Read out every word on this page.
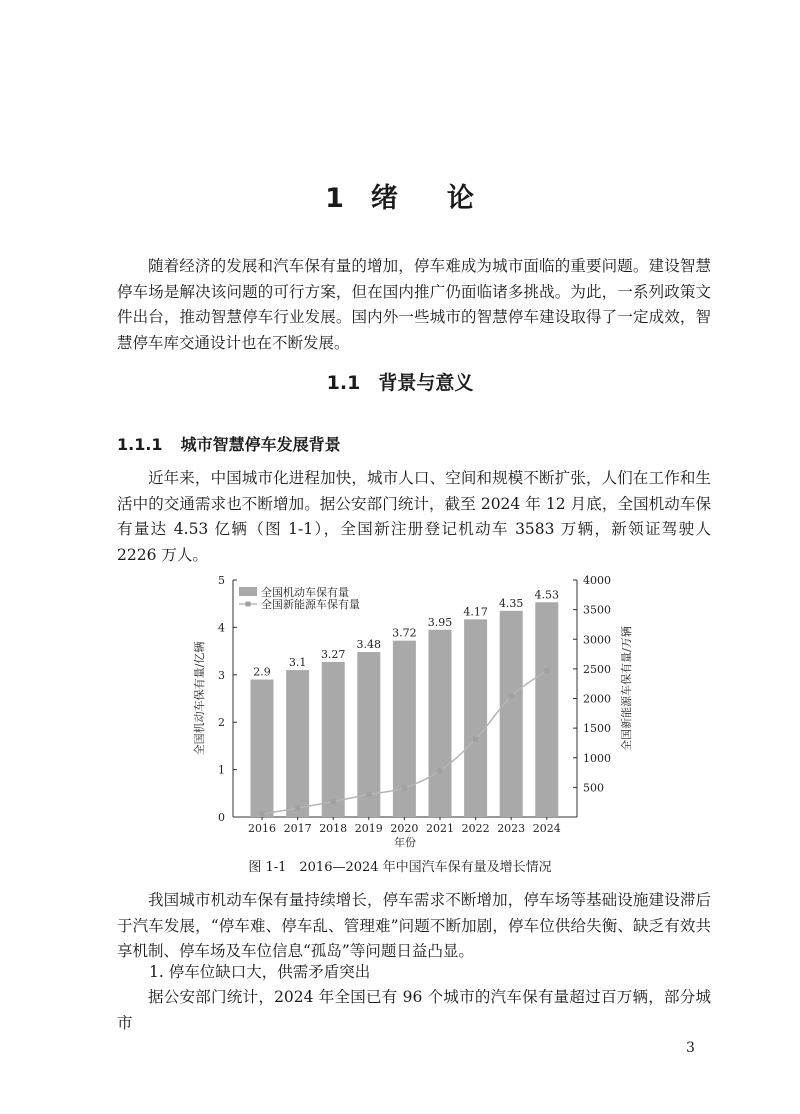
1 绪 论

随着经济的发展和汽车保有量的增加，停车难成为城市面临的重要问题。建设智慧停车场是解决该问题的可行方案，但在国内推广仍面临诸多挑战。为此，一系列政策文件出台，推动智慧停车行业发展。国内外一些城市的智慧停车建设取得了一定成效，智慧停车库交通设计也在不断发展。

1.1 背景与意义
1.1.1 城市智慧停车发展背景

近年来，中国城市化进程加快，城市人口、空间和规模不断扩张，人们在工作和生活中的交通需求也不断增加。据公安部门统计，截至 2024 年 12 月底，全国机动车保有量达 4.53 亿辆（图 1-1），全国新注册登记机动车 3583 万辆，新领证驾驶人 2226 万人。

0
1
2
3
4
5
500
1000
1500
2000
2500
3000
3500
4000
2.9
3.1
3.27
3.48
3.72
3.95
4.17
4.35
4.53
2016 2017 2018 2019 2020 2021 2022 2023 2024
全国机动车保有量
全国新能源车保有量
年份
全国机动车保有量/亿辆	全国新能源车保有量/万辆
图 1-1　2016—2024 年中国汽车保有量及增长情况

我国城市机动车保有量持续增长，停车需求不断增加，停车场等基础设施建设滞后于汽车发展，“停车难、停车乱、管理难”问题不断加剧，停车位供给失衡、缺乏有效共享机制、停车场及车位信息“孤岛”等问题日益凸显。

1. 停车位缺口大，供需矛盾突出

据公安部门统计，2024 年全国已有 96 个城市的汽车保有量超过百万辆，部分城市

3
